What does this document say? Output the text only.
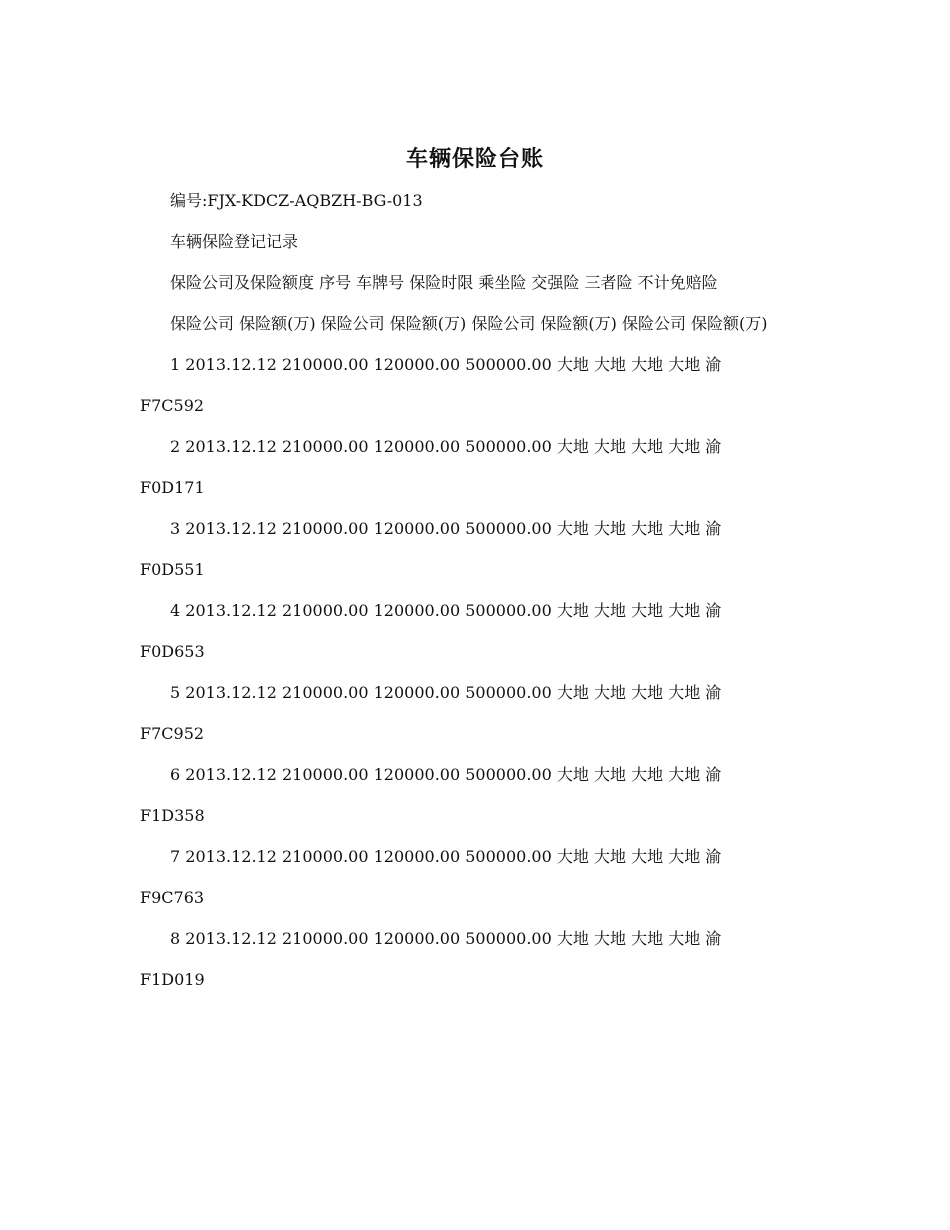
车辆保险台账

编号:FJX-KDCZ-AQBZH-BG-013

车辆保险登记记录

保险公司及保险额度 序号 车牌号 保险时限 乘坐险 交强险 三者险 不计免赔险

保险公司 保险额(万) 保险公司 保险额(万) 保险公司 保险额(万) 保险公司 保险额(万)

1 2013.12.12 210000.00 120000.00 500000.00 大地 大地 大地 大地 渝
F7C592

2 2013.12.12 210000.00 120000.00 500000.00 大地 大地 大地 大地 渝
F0D171

3 2013.12.12 210000.00 120000.00 500000.00 大地 大地 大地 大地 渝
F0D551

4 2013.12.12 210000.00 120000.00 500000.00 大地 大地 大地 大地 渝
F0D653

5 2013.12.12 210000.00 120000.00 500000.00 大地 大地 大地 大地 渝
F7C952

6 2013.12.12 210000.00 120000.00 500000.00 大地 大地 大地 大地 渝
F1D358

7 2013.12.12 210000.00 120000.00 500000.00 大地 大地 大地 大地 渝
F9C763

8 2013.12.12 210000.00 120000.00 500000.00 大地 大地 大地 大地 渝
F1D019
